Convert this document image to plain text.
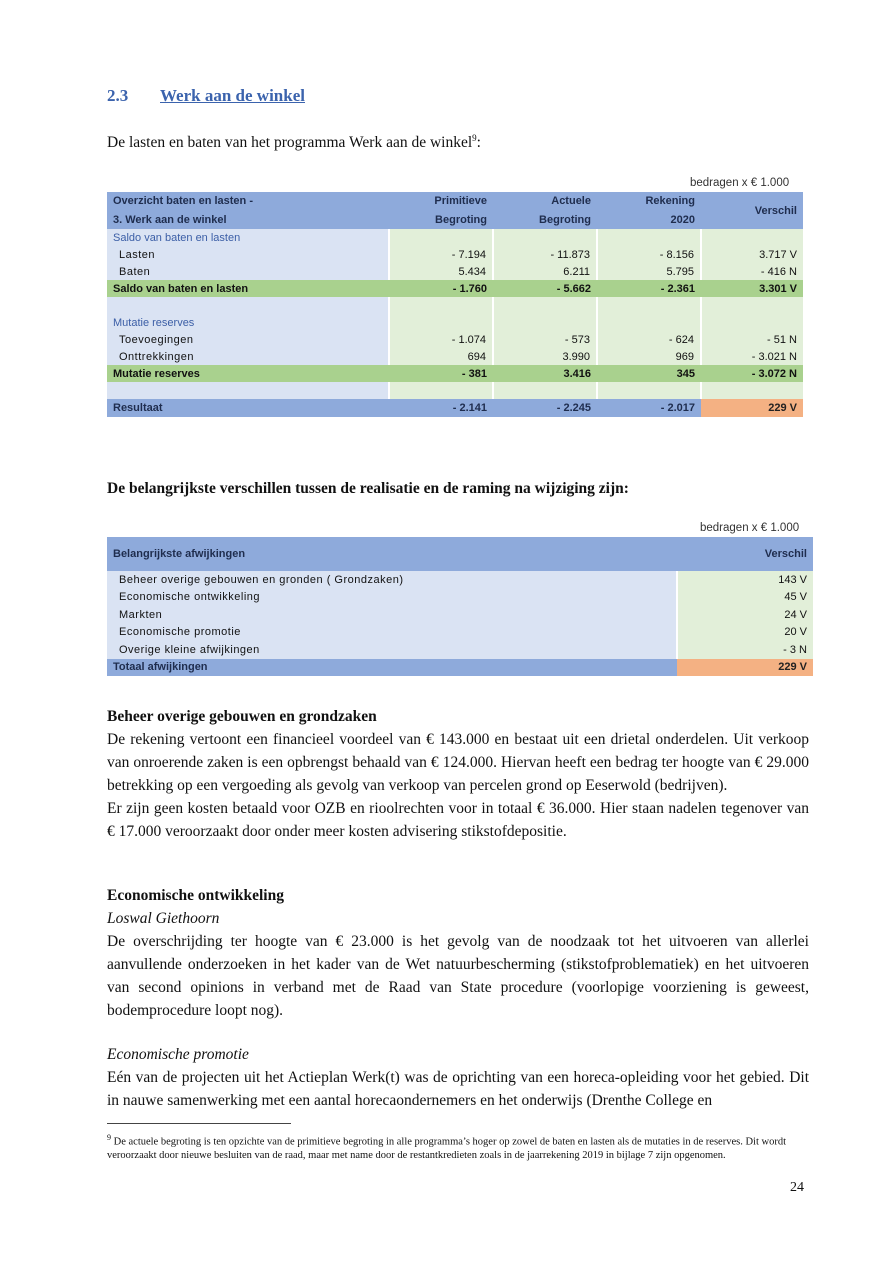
2.3 Werk aan de winkel
De lasten en baten van het programma Werk aan de winkel$^9$:
bedragen x € 1.000
Overzicht baten en lasten -	Primitieve	Actuele	Rekening	Verschil
3. Werk aan de winkel	Begroting	Begroting	2020	
Saldo van baten en lasten				
Lasten	- 7.194	- 11.873	- 8.156	3.717 V
Baten	5.434	6.211	5.795	- 416 N
Saldo van baten en lasten	- 1.760	- 5.662	- 2.361	3.301 V

Mutatie reserves				
Toevoegingen	- 1.074	- 573	- 624	- 51 N
Onttrekkingen	694	3.990	969	- 3.021 N
Mutatie reserves	- 381	3.416	345	- 3.072 N

Resultaat	- 2.141	- 2.245	- 2.017	229 V
De belangrijkste verschillen tussen de realisatie en de raming na wijziging zijn:
bedragen x € 1.000
Belangrijkste afwijkingen	Verschil
Beheer overige gebouwen en gronden ( Grondzaken)	143 V
Economische ontwikkeling	45 V
Markten	24 V
Economische promotie	20 V
Overige kleine afwijkingen	- 3 N
Totaal afwijkingen	229 V

Beheer overige gebouwen en grondzaken

De rekening vertoont een financieel voordeel van € 143.000 en bestaat uit een drietal onderdelen. Uit verkoop van onroerende zaken is een opbrengst behaald van € 124.000. Hiervan heeft een bedrag ter hoogte van € 29.000 betrekking op een vergoeding als gevolg van verkoop van percelen grond op Eeserwold (bedrijven).

Er zijn geen kosten betaald voor OZB en rioolrechten voor in totaal € 36.000. Hier staan nadelen tegenover van € 17.000 veroorzaakt door onder meer kosten advisering stikstofdepositie.

Economische ontwikkeling

Loswal Giethoorn

De overschrijding ter hoogte van € 23.000 is het gevolg van de noodzaak tot het uitvoeren van allerlei aanvullende onderzoeken in het kader van de Wet natuurbescherming (stikstofproblematiek) en het uitvoeren van second opinions in verband met de Raad van State procedure (voorlopige voorziening is geweest, bodemprocedure loopt nog).

Economische promotie

Eén van de projecten uit het Actieplan Werk(t) was de oprichting van een horeca-opleiding voor het gebied. Dit in nauwe samenwerking met een aantal horecaondernemers en het onderwijs (Drenthe College en

$^9$ De actuele begroting is ten opzichte van de primitieve begroting in alle programma’s hoger op zowel de baten en lasten als de mutaties in de reserves. Dit wordt veroorzaakt door nieuwe besluiten van de raad, maar met name door de restantkredieten zoals in de jaarrekening 2019 in bijlage 7 zijn opgenomen.
24
